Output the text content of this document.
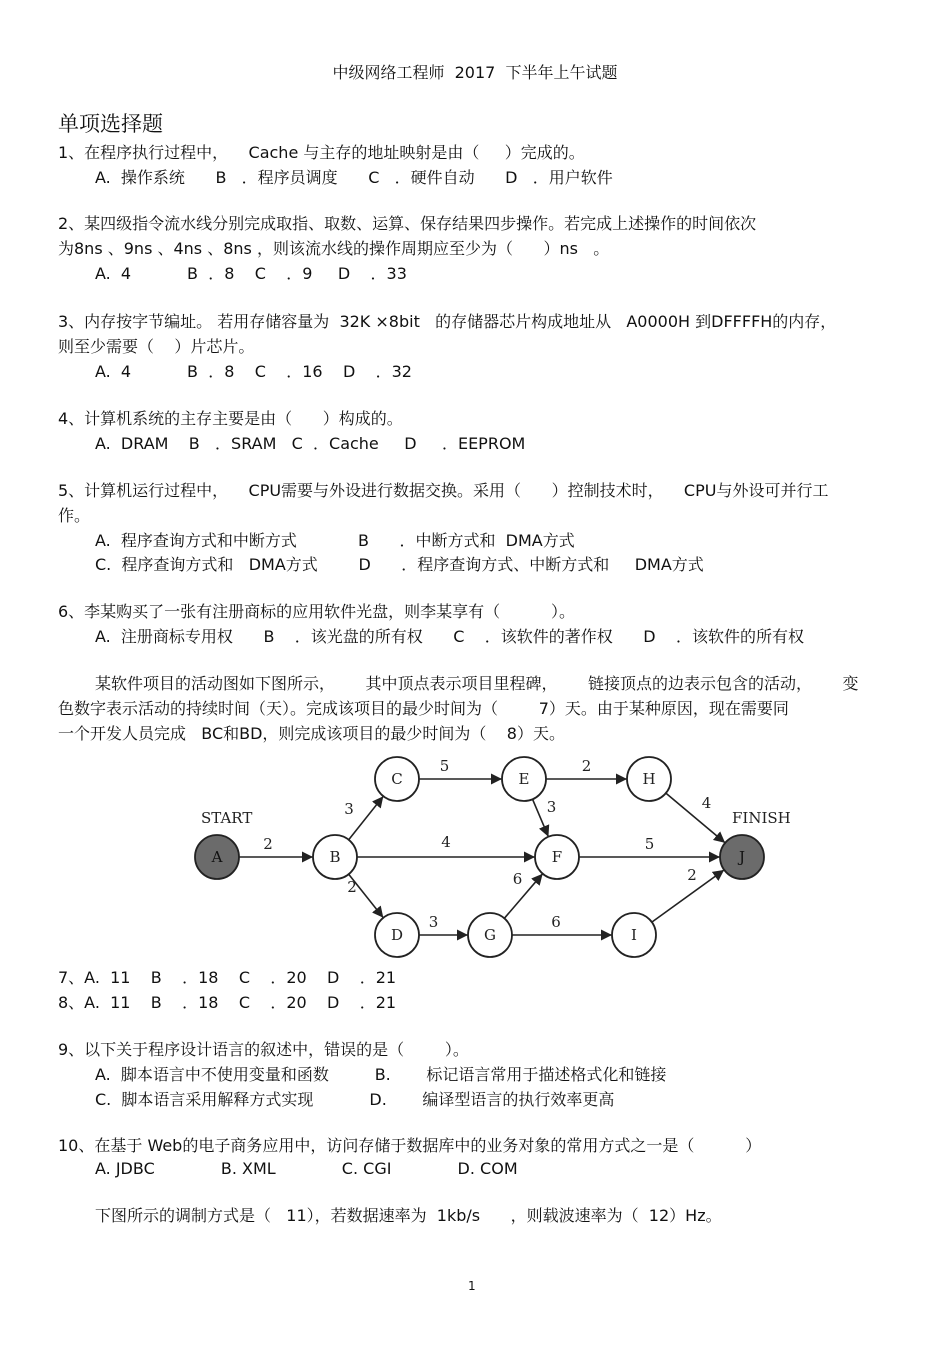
中级网络工程师  2017  下半年上午试题
单项选择题
1、在程序执行过程中，    Cache 与主存的地址映射是由（     ）完成的。
A.  操作系统      B   ．程序员调度      C   ．硬件自动      D   ．用户软件
2、某四级指令流水线分别完成取指、取数、运算、保存结果四步操作。若完成上述操作的时间依次
为8ns 、9ns 、4ns 、8ns ，则该流水线的操作周期应至少为（      ）ns   。
A.  4           B  ．8    C    ．9     D    ．33
3、内存按字节编址。 若用存储容量为  32K ×8bit   的存储器芯片构成地址从   A0000H 到DFFFFH的内存，
则至少需要（    ）片芯片。
A.  4           B  ．8    C    ．16    D    ．32
4、计算机系统的主存主要是由（      ）构成的。
A.  DRAM    B   ．SRAM   C  ．Cache     D     ．EEPROM
5、计算机运行过程中，    CPU需要与外设进行数据交换。采用（      ）控制技术时，    CPU与外设可并行工
作。
A.  程序查询方式和中断方式            B      ．中断方式和  DMA方式
C.  程序查询方式和   DMA方式        D      ．程序查询方式、中断方式和     DMA方式
6、李某购买了一张有注册商标的应用软件光盘，则李某享有（          ）。
A.  注册商标专用权      B    ．该光盘的所有权      C    ．该软件的著作权      D    ．该软件的所有权
某软件项目的活动图如下图所示，      其中顶点表示项目里程碑，      链接顶点的边表示包含的活动，      变
色数字表示活动的持续时间（天）。完成该项目的最少时间为（        7）天。由于某种原因，现在需要同
一个开发人员完成   BC和BD，则完成该项目的最少时间为（    8）天。
START	FINISH
2
3
4
2
5	2
3	4
5
3
6
6
2
A	B
C
D
E
F
G
H
I
J
7、A.  11    B    ．18    C    ．20    D    ．21
8、A.  11    B    ．18    C    ．20    D    ．21
9、以下关于程序设计语言的叙述中，错误的是（        ）。
A.  脚本语言中不使用变量和函数         B.       标记语言常用于描述格式化和链接
C.  脚本语言采用解释方式实现           D.       编译型语言的执行效率更高
10、在基于 Web的电子商务应用中，访问存储于数据库中的业务对象的常用方式之一是（          ）
A. JDBC             B. XML             C. CGI             D. COM
下图所示的调制方式是（   11），若数据速率为  1kb/s      ，则载波速率为（  12）Hz。
1
